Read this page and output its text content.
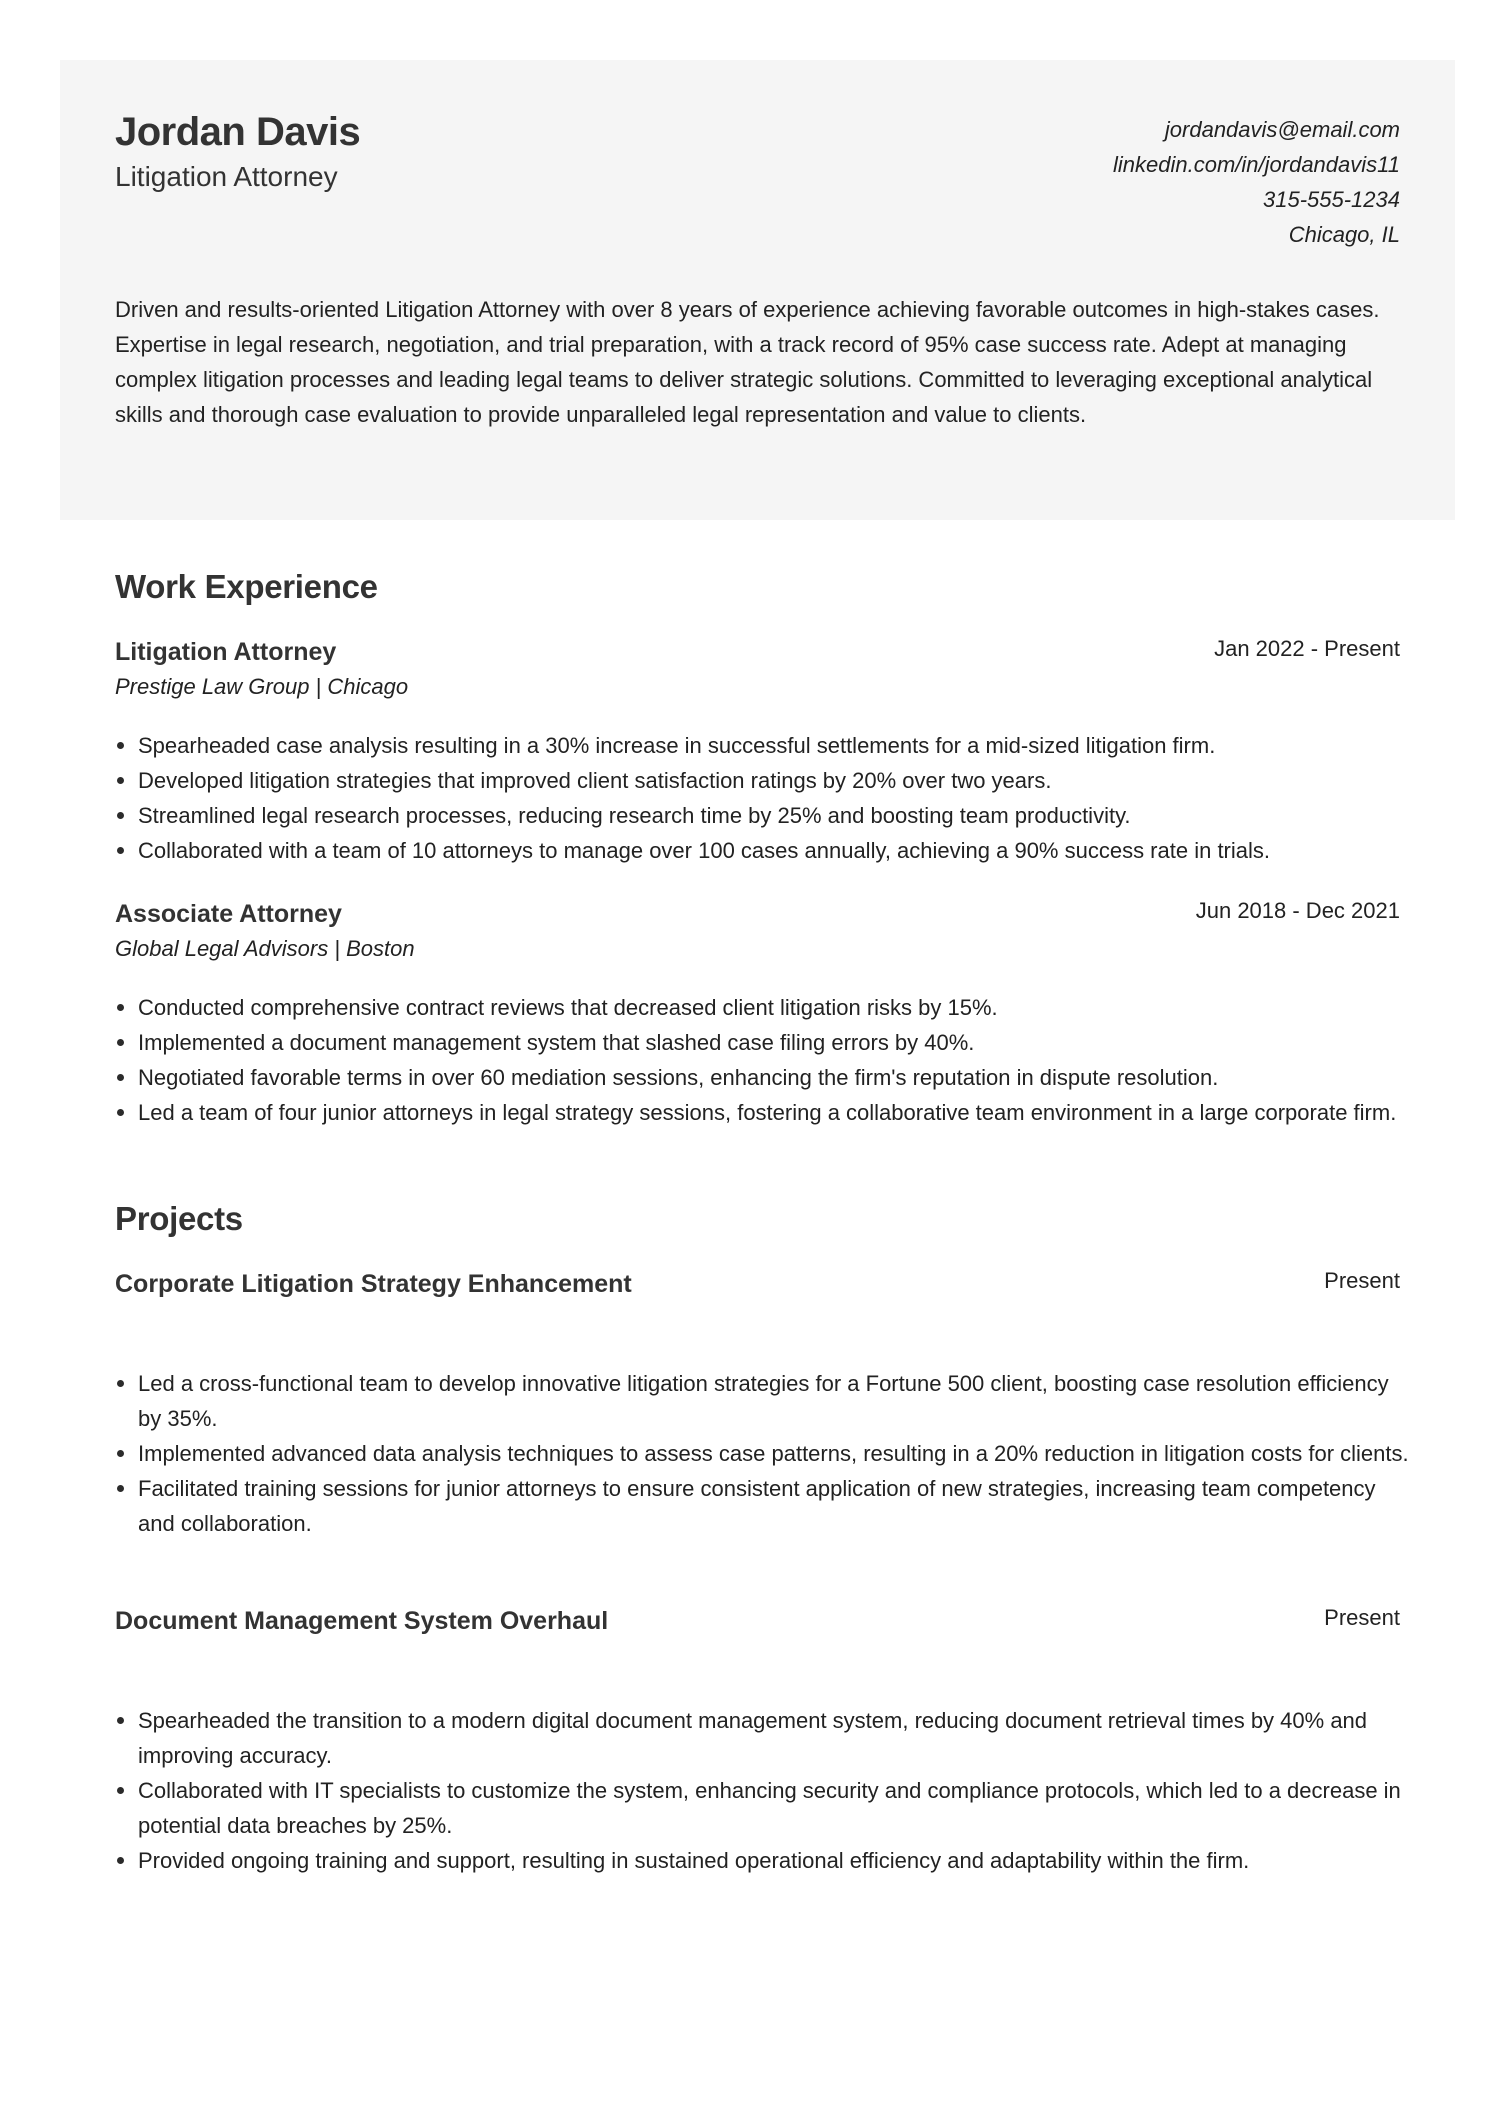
Jordan Davis
Litigation Attorney
jordandavis@email.com
linkedin.com/in/jordandavis11
315-555-1234
Chicago, IL
Driven and results-oriented Litigation Attorney with over 8 years of experience achieving favorable outcomes in high-stakes cases. Expertise in legal research, negotiation, and trial preparation, with a track record of 95% case success rate. Adept at managing complex litigation processes and leading legal teams to deliver strategic solutions. Committed to leveraging exceptional analytical skills and thorough case evaluation to provide unparalleled legal representation and value to clients.
Work Experience
Litigation Attorney	Jan 2022 - Present
Prestige Law Group | Chicago
Spearheaded case analysis resulting in a 30% increase in successful settlements for a mid-sized litigation firm.
Developed litigation strategies that improved client satisfaction ratings by 20% over two years.
Streamlined legal research processes, reducing research time by 25% and boosting team productivity.
Collaborated with a team of 10 attorneys to manage over 100 cases annually, achieving a 90% success rate in trials.
Associate Attorney	Jun 2018 - Dec 2021
Global Legal Advisors | Boston
Conducted comprehensive contract reviews that decreased client litigation risks by 15%.
Implemented a document management system that slashed case filing errors by 40%.
Negotiated favorable terms in over 60 mediation sessions, enhancing the firm's reputation in dispute resolution.
Led a team of four junior attorneys in legal strategy sessions, fostering a collaborative team environment in a large corporate firm.
Projects
Corporate Litigation Strategy Enhancement	Present
Led a cross-functional team to develop innovative litigation strategies for a Fortune 500 client, boosting case resolution efficiency by 35%.
Implemented advanced data analysis techniques to assess case patterns, resulting in a 20% reduction in litigation costs for clients.
Facilitated training sessions for junior attorneys to ensure consistent application of new strategies, increasing team competency and collaboration.
Document Management System Overhaul	Present
Spearheaded the transition to a modern digital document management system, reducing document retrieval times by 40% and improving accuracy.
Collaborated with IT specialists to customize the system, enhancing security and compliance protocols, which led to a decrease in potential data breaches by 25%.
Provided ongoing training and support, resulting in sustained operational efficiency and adaptability within the firm.
